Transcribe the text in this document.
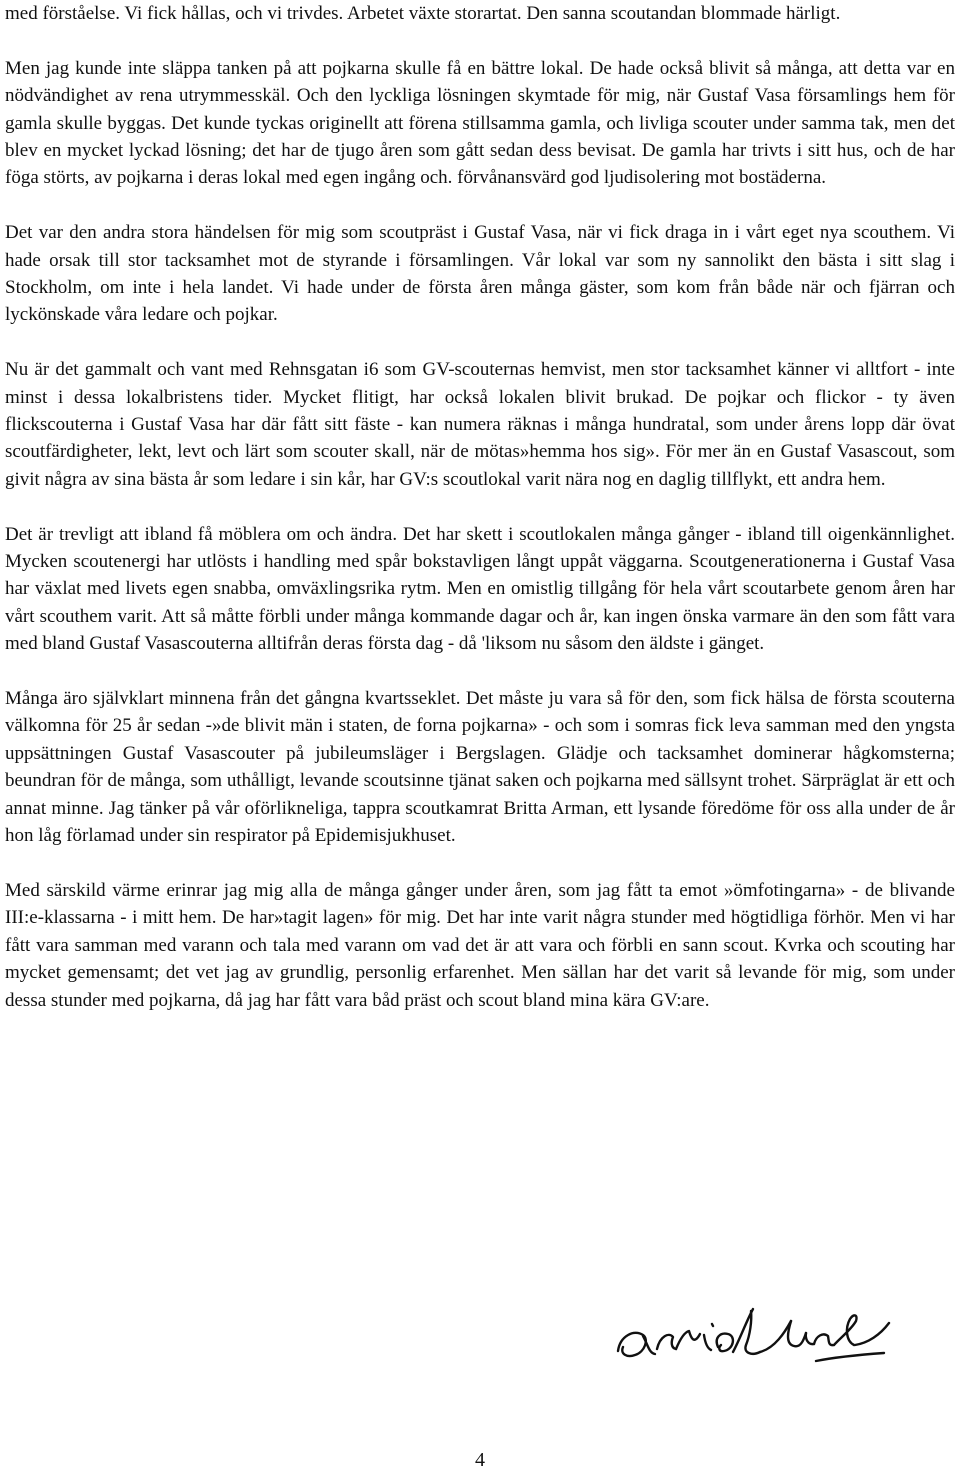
med förståelse. Vi fick hållas, och vi trivdes. Arbetet växte storartat. Den sanna scoutandan blommade härligt.

Men jag kunde inte släppa tanken på att pojkarna skulle få en bättre lokal. De hade också blivit så många, att detta var en nödvändighet av rena utrymmesskäl. Och den lyckliga lösningen skymtade för mig, när Gustaf Vasa församlings hem för gamla skulle byggas. Det kunde tyckas originellt att förena stillsamma gamla, och livliga scouter under samma tak, men det blev en mycket lyckad lösning; det har de tjugo åren som gått sedan dess bevisat. De gamla har trivts i sitt hus, och de har föga störts, av pojkarna i deras lokal med egen ingång och. förvånansvärd god ljudisolering mot bostäderna.

Det var den andra stora händelsen för mig som scoutpräst i Gustaf Vasa, när vi fick draga in i vårt eget nya scouthem. Vi hade orsak till stor tacksamhet mot de styrande i församlingen. Vår lokal var som ny sannolikt den bästa i sitt slag i Stockholm, om inte i hela landet. Vi hade under de första åren många gäster, som kom från både när och fjärran och lyckönskade våra ledare och pojkar.

Nu är det gammalt och vant med Rehnsgatan i6 som GV-scouternas hemvist, men stor tacksamhet känner vi alltfort - inte minst i dessa lokalbristens tider. Mycket flitigt, har också lokalen blivit brukad. De pojkar och flickor - ty även flickscouterna i Gustaf Vasa har där fått sitt fäste - kan numera räknas i många hundratal, som under årens lopp där övat scoutfärdigheter, lekt, levt och lärt som scouter skall, när de mötas»hemma hos sig». För mer än en Gustaf Vasascout, som givit några av sina bästa år som ledare i sin kår, har GV:s scoutlokal varit nära nog en daglig tillflykt, ett andra hem.

Det är trevligt att ibland få möblera om och ändra. Det har skett i scoutlokalen många gånger - ibland till oigenkännlighet. Mycken scoutenergi har utlösts i handling med spår bokstavligen långt uppåt väggarna. Scoutgenerationerna i Gustaf Vasa har växlat med livets egen snabba, omväxlingsrika rytm. Men en omistlig tillgång för hela vårt scoutarbete genom åren har vårt scouthem varit. Att så måtte förbli under många kommande dagar och år, kan ingen önska varmare än den som fått vara med bland Gustaf Vasascouterna alltifrån deras första dag - då 'liksom nu såsom den äldste i gänget.

Många äro självklart minnena från det gångna kvartsseklet. Det måste ju vara så för den, som fick hälsa de första scouterna välkomna för 25 år sedan -»de blivit män i staten, de forna pojkarna» - och som i somras fick leva samman med den yngsta uppsättningen Gustaf Vasascouter på jubileumsläger i Bergslagen. Glädje och tacksamhet dominerar hågkomsterna; beundran för de många, som uthålligt, levande scoutsinne tjänat saken och pojkarna med sällsynt trohet. Särpräglat är ett och annat minne. Jag tänker på vår oförlikneliga, tappra scoutkamrat Britta Arman, ett lysande föredöme för oss alla under de år hon låg förlamad under sin respirator på Epidemisjukhuset.

Med särskild värme erinrar jag mig alla de många gånger under åren, som jag fått ta emot »ömfotingarna» - de blivande III:e-klassarna - i mitt hem. De har»tagit lagen» för mig. Det har inte varit några stunder med högtidliga förhör. Men vi har fått vara samman med varann och tala med varann om vad det är att vara och förbli en sann scout. Kvrka och scouting har mycket gemensamt; det vet jag av grundlig, personlig erfarenhet. Men sällan har det varit så levande för mig, som under dessa stunder med pojkarna, då jag har fått vara båd präst och scout bland mina kära GV:are.

4
